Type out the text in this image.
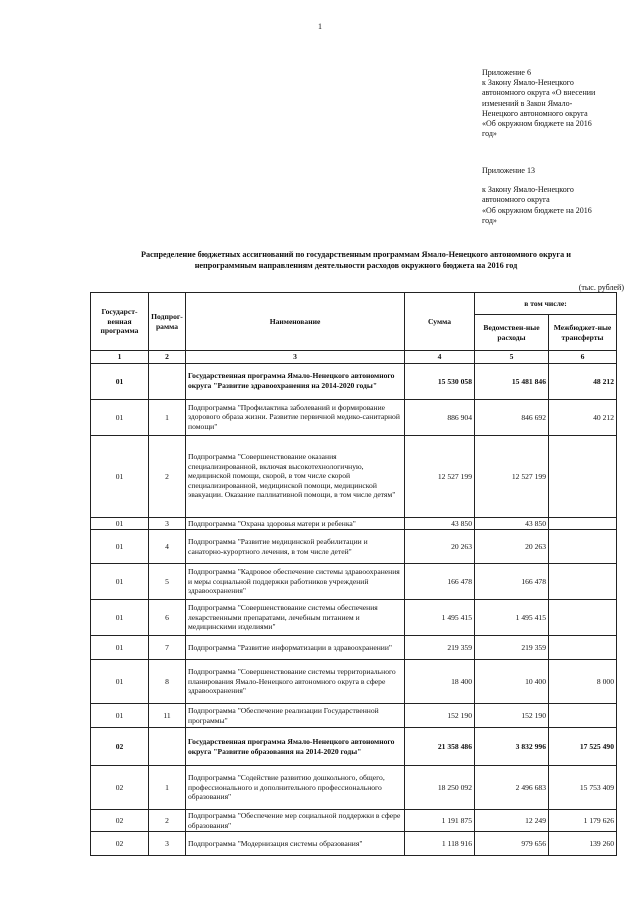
1

Приложение 6

к Закону Ямало-Ненецкого

автономного округа «О внесении

изменений в Закон Ямало-

Ненецкого автономного округа

«Об окружном бюджете на 2016

год»

Приложение 13

к Закону Ямало-Ненецкого

автономного округа

«Об окружном бюджете на 2016

год»

Распределение бюджетных ассигнований по государственным программам Ямало-Ненецкого автономного округа и
непрограммным направлениям деятельности расходов окружного бюджета на 2016 год
(тыс. рублей)
Государст-венная программа	Подпрог-рамма	Наименование	Сумма	в том числе:	
				Ведомствен-ные расходы	Межбюджет-ные трансферты
1	2	3	4	5	6
01		Государственная программа Ямало-Ненецкого автономного округа "Развитие здравоохранения на 2014-2020 годы"	15 530 058	15 481 846	48 212
01	1	Подпрограмма "Профилактика заболеваний и формирование здорового образа жизни. Развитие первичной медико-санитарной помощи"	886 904	846 692	40 212
01	2	Подпрограмма "Совершенствование оказания специализированной, включая высокотехнологичную, медицинской помощи, скорой, в том числе скорой специализированной, медицинской помощи, медицинской эвакуации. Оказание паллиативной помощи, в том числе детям"	12 527 199	12 527 199	
01	3	Подпрограмма "Охрана здоровья матери и ребенка"	43 850	43 850	
01	4	Подпрограмма "Развитие медицинской реабилитации и санаторно-курортного лечения, в том числе детей"	20 263	20 263	
01	5	Подпрограмма "Кадровое обеспечение системы здравоохранения и меры социальной поддержки работников учреждений здравоохранения"	166 478	166 478	
01	6	Подпрограмма "Совершенствование системы обеспечения лекарственными препаратами, лечебным питанием и медицинскими изделиями"	1 495 415	1 495 415	
01	7	Подпрограмма "Развитие информатизации в здравоохранении"	219 359	219 359	
01	8	Подпрограмма "Совершенствование системы территориального планирования Ямало-Ненецкого автономного округа в сфере здравоохранения"	18 400	10 400	8 000
01	11	Подпрограмма "Обеспечение реализации Государственной программы"	152 190	152 190	
02		Государственная программа Ямало-Ненецкого автономного округа "Развитие образования на 2014-2020 годы"	21 358 486	3 832 996	17 525 490
02	1	Подпрограмма "Содействие развитию дошкольного, общего, профессионального и дополнительного профессионального образования"	18 250 092	2 496 683	15 753 409
02	2	Подпрограмма "Обеспечение мер социальной поддержки в сфере образования"	1 191 875	12 249	1 179 626
02	3	Подпрограмма "Модернизация системы образования"	1 118 916	979 656	139 260
